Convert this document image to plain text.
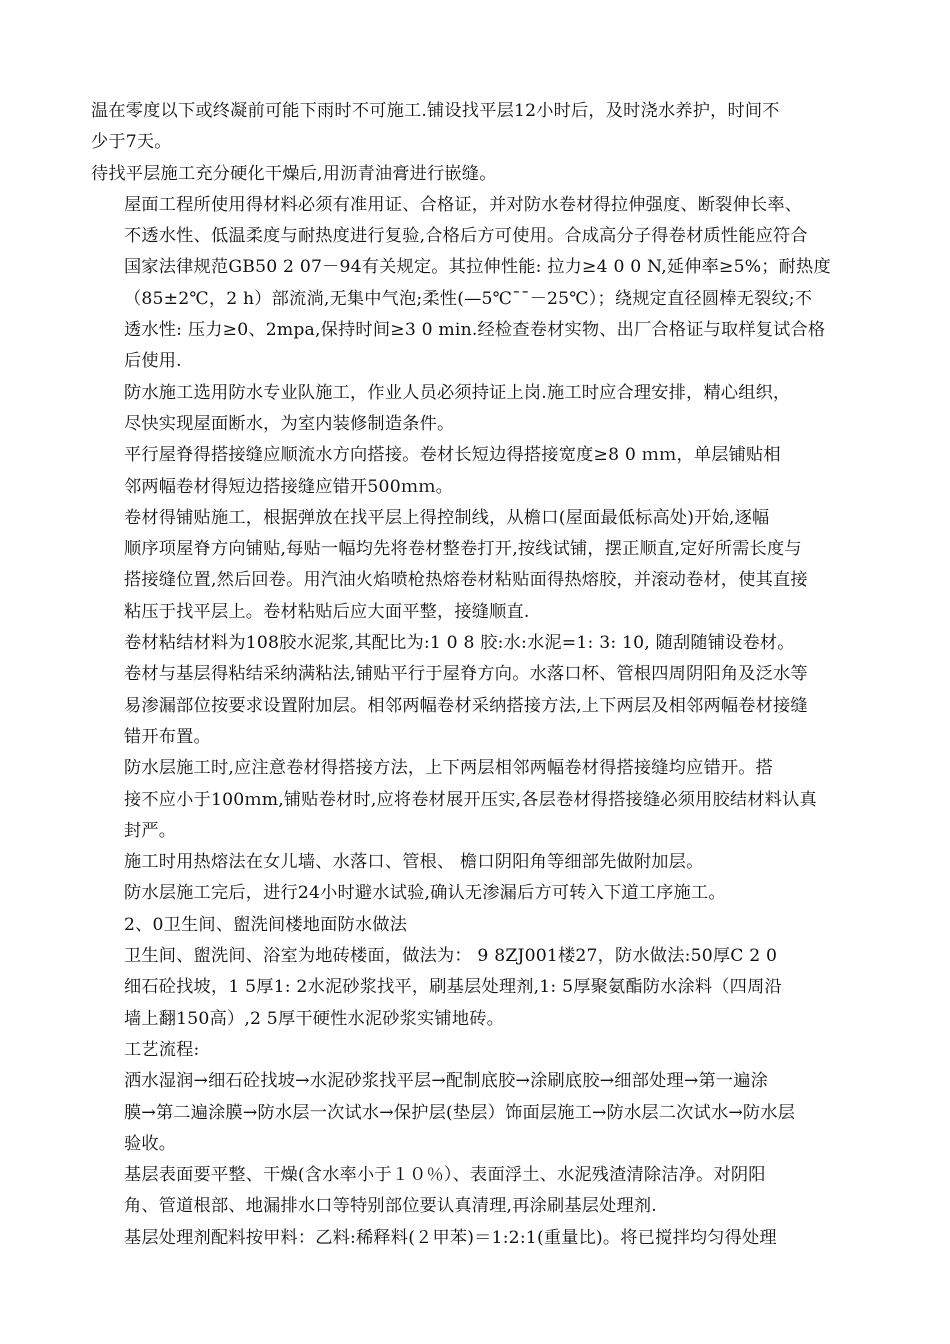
温在零度以下或终凝前可能下雨时不可施工.铺设找平层12小时后，及时浇水养护，时间不
少于7天。

待找平层施工充分硬化干燥后,用沥青油膏进行嵌缝。

屋面工程所使用得材料必须有准用证、合格证，并对防水卷材得拉伸强度、断裂伸长率、
不透水性、低温柔度与耐热度进行复验,合格后方可使用。合成高分子得卷材质性能应符合
国家法律规范GB50 2 07－94有关规定。其拉伸性能: 拉力≥4 0 0 N,延伸率≥5%；耐热度
（85±2℃，2 h）部流淌,无集中气泡;柔性(—5℃¯¯－25℃）；绕规定直径圆棒无裂纹;不
透水性: 压力≥0、2mpa,保持时间≥3 0 min.经检查卷材实物、出厂合格证与取样复试合格
后使用.

防水施工选用防水专业队施工，作业人员必须持证上岗.施工时应合理安排，精心组织，
尽快实现屋面断水，为室内装修制造条件。

平行屋脊得搭接缝应顺流水方向搭接。卷材长短边得搭接宽度≥8 0 ｍｍ，单层铺贴相
邻两幅卷材得短边搭接缝应错开500ｍｍ。

卷材得铺贴施工，根据弹放在找平层上得控制线，从檐口(屋面最低标高处)开始,逐幅
顺序项屋脊方向铺贴,每贴一幅均先将卷材整卷打开,按线试铺，摆正顺直,定好所需长度与
搭接缝位置,然后回卷。用汽油火焰喷枪热熔卷材粘贴面得热熔胶，并滚动卷材，使其直接
粘压于找平层上。卷材粘贴后应大面平整，接缝顺直.

卷材粘结材料为108胶水泥浆,其配比为:1 0 8 胶:水:水泥=1: 3: 10, 随刮随铺设卷材。
卷材与基层得粘结采纳满粘法,铺贴平行于屋脊方向。水落口杯、管根四周阴阳角及泛水等
易渗漏部位按要求设置附加层。相邻两幅卷材采纳搭接方法,上下两层及相邻两幅卷材接缝
错开布置。

防水层施工时,应注意卷材得搭接方法，上下两层相邻两幅卷材得搭接缝均应错开。搭
接不应小于100ｍm,铺贴卷材时,应将卷材展开压实,各层卷材得搭接缝必须用胶结材料认真
封严。

施工时用热熔法在女儿墙、水落口、管根、 檐口阴阳角等细部先做附加层。

防水层施工完后，进行24小时避水试验,确认无渗漏后方可转入下道工序施工。

2、0卫生间、盥洗间楼地面防水做法

卫生间、盥洗间、浴室为地砖楼面，做法为： 9 8ZJ001楼27，防水做法:50厚C 2 0
细石砼找坡，1 5厚1: 2水泥砂浆找平，刷基层处理剂,1: 5厚聚氨酯防水涂料（四周沿
墙上翻150高）,2 5厚干硬性水泥砂浆实铺地砖。

工艺流程:

洒水湿润→细石砼找坡→水泥砂浆找平层→配制底胶→涂刷底胶→细部处理→第一遍涂
膜→第二遍涂膜→防水层一次试水→保护层(垫层）饰面层施工→防水层二次试水→防水层
验收。

基层表面要平整、干燥(含水率小于１０％）、表面浮土、水泥残渣清除洁净。对阴阳
角、管道根部、地漏排水口等特别部位要认真清理,再涂刷基层处理剂.

基层处理剂配料按甲料：乙料:稀释料(２甲苯)＝1:2:1(重量比)。将已搅拌均匀得处理
